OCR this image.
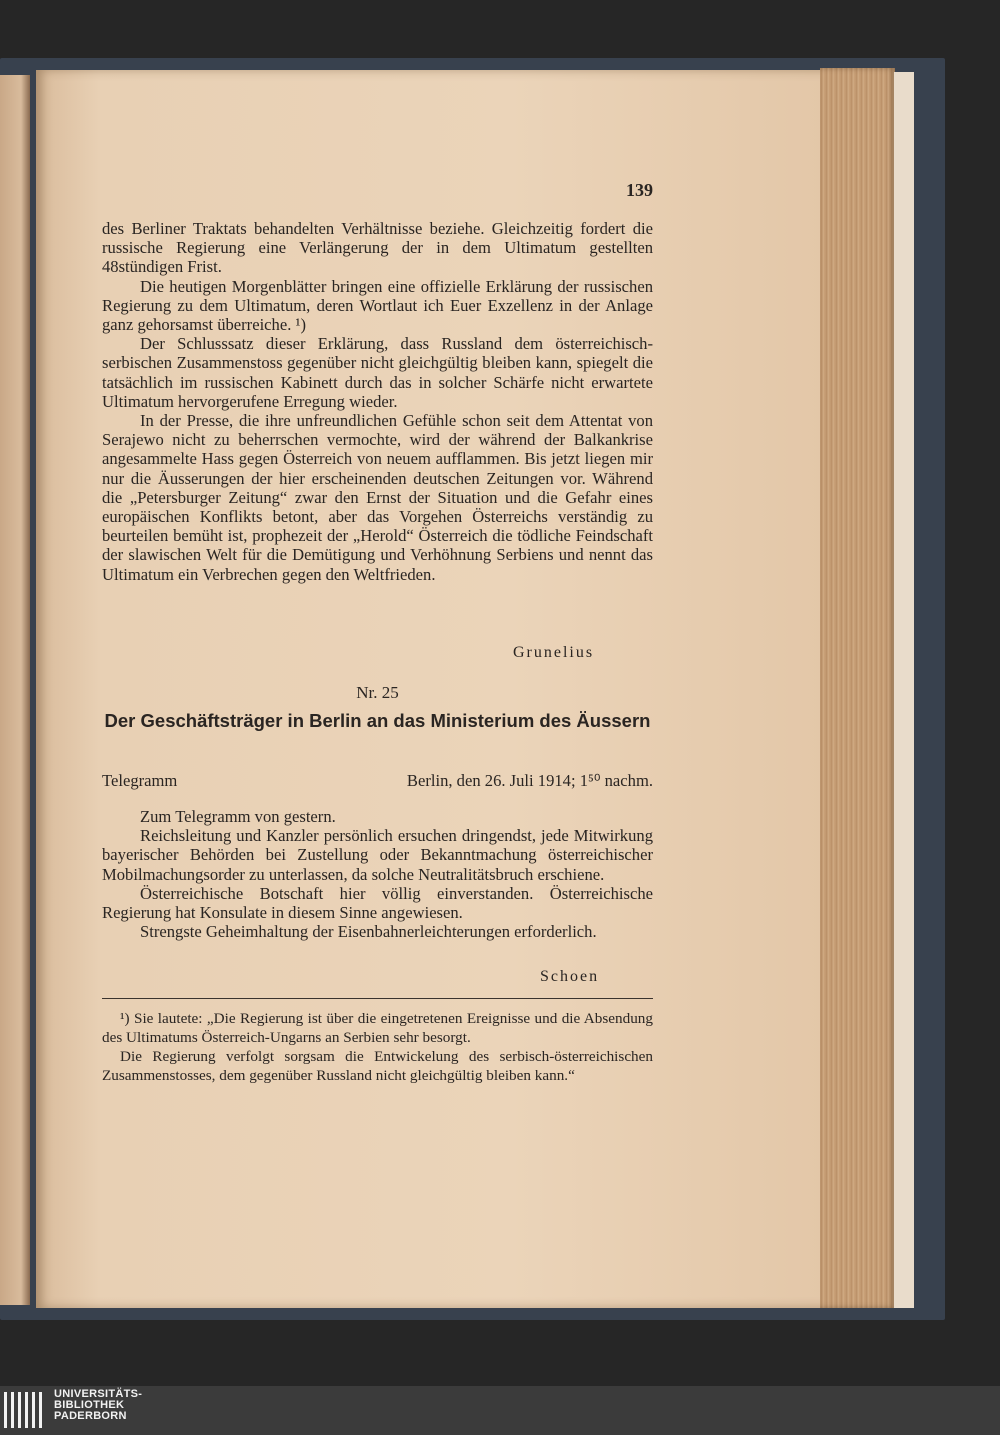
139

des Berliner Traktats behandelten Verhältnisse beziehe. Gleichzeitig fordert die russische Regierung eine Verlängerung der in dem Ultimatum gestellten 48stündigen Frist.

Die heutigen Morgenblätter bringen eine offizielle Erklärung der russischen Regierung zu dem Ultimatum, deren Wortlaut ich Euer Exzellenz in der Anlage ganz gehorsamst überreiche. ¹)

Der Schlusssatz dieser Erklärung, dass Russland dem österreichisch-serbischen Zusammenstoss gegenüber nicht gleichgültig bleiben kann, spiegelt die tatsächlich im russischen Kabinett durch das in solcher Schärfe nicht erwartete Ultimatum hervorgerufene Erregung wieder.

In der Presse, die ihre unfreundlichen Gefühle schon seit dem Attentat von Serajewo nicht zu beherrschen vermochte, wird der während der Balkankrise angesammelte Hass gegen Österreich von neuem aufflammen. Bis jetzt liegen mir nur die Äusserungen der hier erscheinenden deutschen Zeitungen vor. Während die „Petersburger Zeitung“ zwar den Ernst der Situation und die Gefahr eines europäischen Konflikts betont, aber das Vorgehen Österreichs verständig zu beurteilen bemüht ist, prophezeit der „Herold“ Österreich die tödliche Feindschaft der slawischen Welt für die Demütigung und Verhöhnung Serbiens und nennt das Ultimatum ein Verbrechen gegen den Weltfrieden.

Grunelius
Nr. 25
Der Geschäftsträger in Berlin an das Ministerium des Äussern
Telegramm	Berlin, den 26. Juli 1914; 1⁵⁰ nachm.

Zum Telegramm von gestern.

Reichsleitung und Kanzler persönlich ersuchen dringendst, jede Mitwirkung bayerischer Behörden bei Zustellung oder Bekanntmachung österreichischer Mobilmachungsorder zu unterlassen, da solche Neutralitätsbruch erschiene.

Österreichische Botschaft hier völlig einverstanden. Österreichische Regierung hat Konsulate in diesem Sinne angewiesen.

Strengste Geheimhaltung der Eisenbahnerleichterungen erforderlich.

Schoen

¹) Sie lautete: „Die Regierung ist über die eingetretenen Ereignisse und die Absendung des Ultimatums Österreich-Ungarns an Serbien sehr besorgt.

Die Regierung verfolgt sorgsam die Entwickelung des serbisch-österreichischen Zusammenstosses, dem gegenüber Russland nicht gleichgültig bleiben kann.“

UNIVERSITÄTS-
BIBLIOTHEK
PADERBORN
